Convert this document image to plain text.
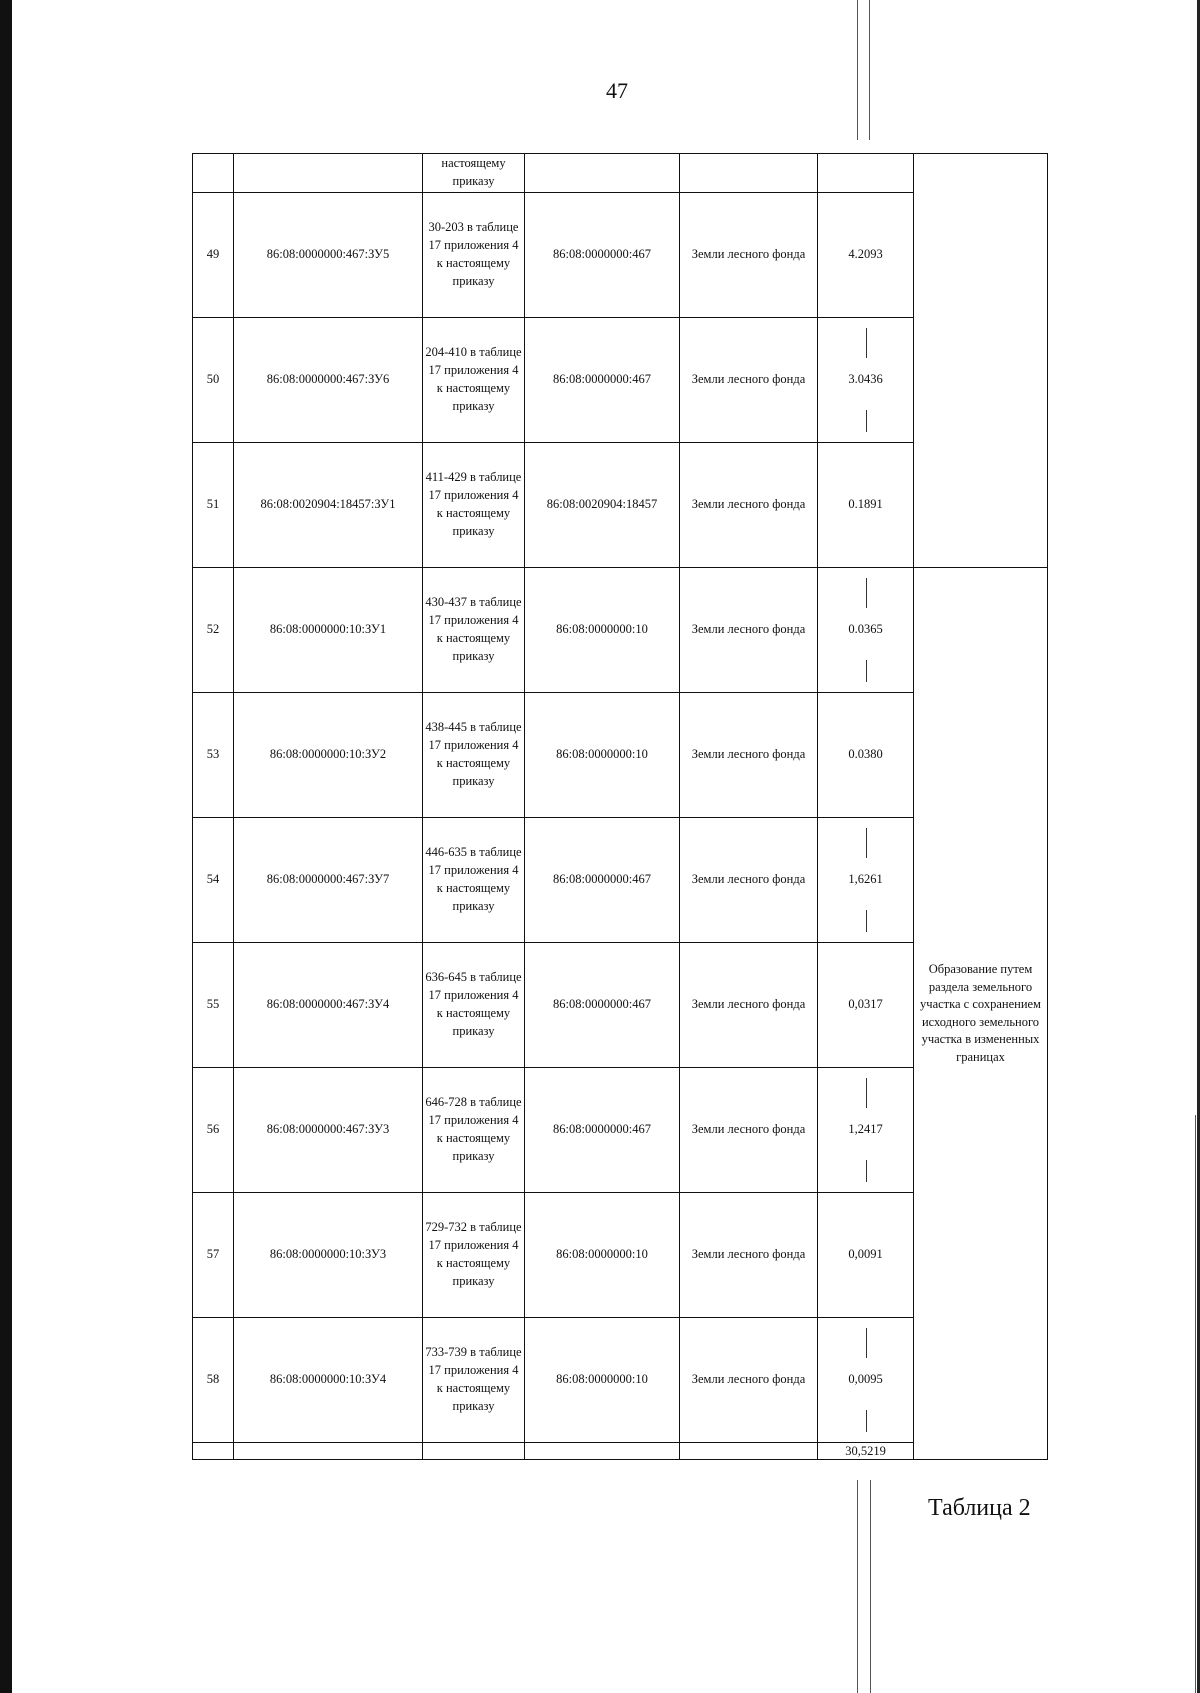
47
		настоящему приказу					
49	86:08:0000000:467:ЗУ5	30-203 в таблице 17 приложения 4 к настоящему приказу	86:08:0000000:467	Земли лесного фонда	4.2093		
50	86:08:0000000:467:ЗУ6	204-410 в таблице 17 приложения 4 к настоящему приказу	86:08:0000000:467	Земли лесного фонда	3.0436		

51	86:08:0020904:18457:ЗУ1	411-429 в таблице 17 приложения 4 к настоящему приказу	86:08:0020904:18457	Земли лесного фонда	0.1891		
52	86:08:0000000:10:ЗУ1	430-437 в таблице 17 приложения 4 к настоящему приказу	86:08:0000000:10	Земли лесного фонда	0.0365	Образование путем раздела земельного участка с сохранением исходного земельного участка в измененных границах	
53	86:08:0000000:10:ЗУ2	438-445 в таблице 17 приложения 4 к настоящему приказу	86:08:0000000:10	Земли лесного фонда	0.0380		
54	86:08:0000000:467:ЗУ7	446-635 в таблице 17 приложения 4 к настоящему приказу	86:08:0000000:467	Земли лесного фонда	1,6261		

55	86:08:0000000:467:ЗУ4	636-645 в таблице 17 приложения 4 к настоящему приказу	86:08:0000000:467	Земли лесного фонда	0,0317		
56	86:08:0000000:467:ЗУ3	646-728 в таблице 17 приложения 4 к настоящему приказу	86:08:0000000:467	Земли лесного фонда	1,2417		

57	86:08:0000000:10:ЗУ3	729-732 в таблице 17 приложения 4 к настоящему приказу	86:08:0000000:10	Земли лесного фонда	0,0091		
58	86:08:0000000:10:ЗУ4	733-739 в таблице 17 приложения 4 к настоящему приказу	86:08:0000000:10	Земли лесного фонда	0,0095		

					30,5219		
Таблица 2
